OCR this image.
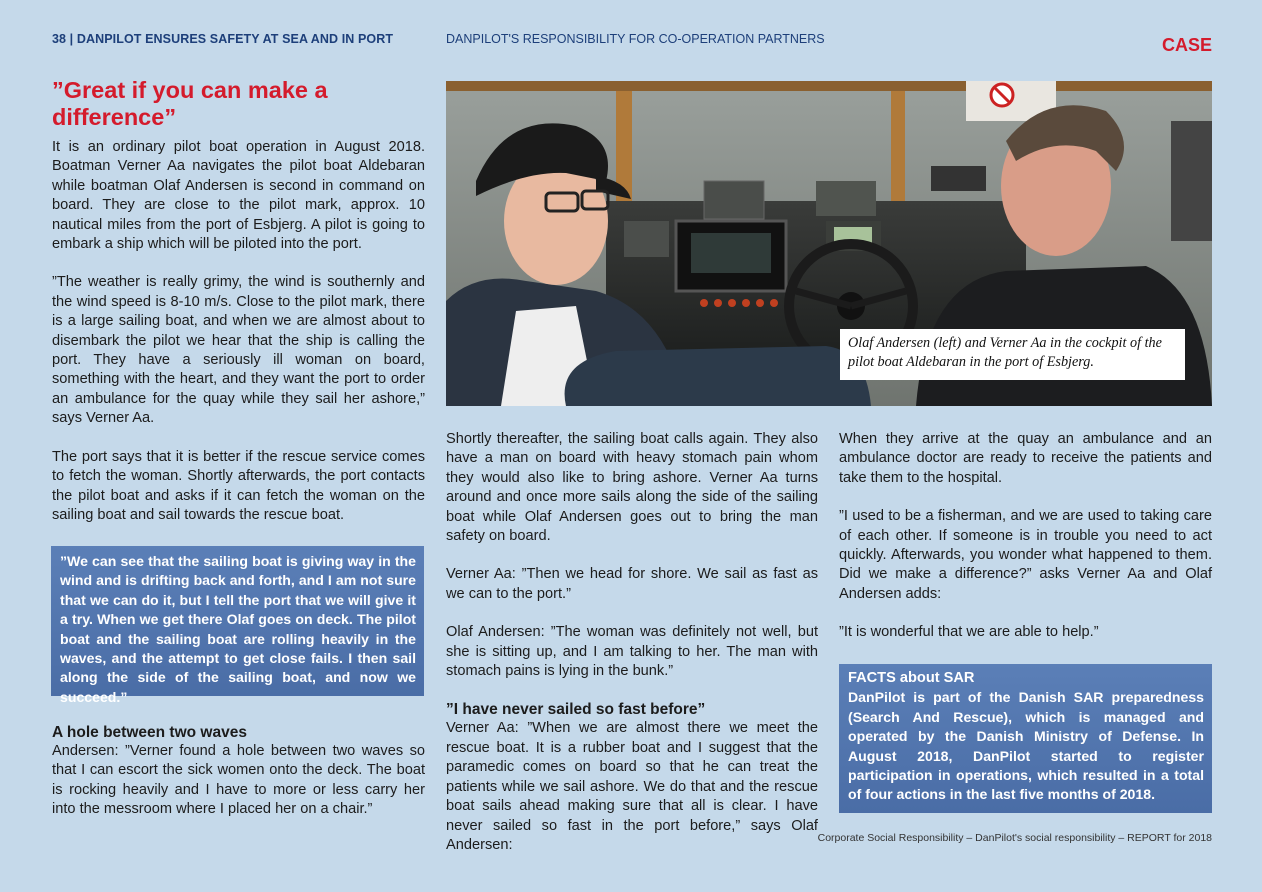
38 | DANPILOT ENSURES SAFETY AT SEA AND IN PORT	DANPILOT'S RESPONSIBILITY FOR CO-OPERATION PARTNERS	CASE
”Great if you can make a difference”

It is an ordinary pilot boat operation in August 2018. Boatman Verner Aa navigates the pilot boat Aldebaran while boatman Olaf Andersen is second in command on board. They are close to the pilot mark, approx. 10 nautical miles from the port of Esbjerg. A pilot is going to embark a ship which will be piloted into the port.

”The weather is really grimy, the wind is southernly and the wind speed is 8-10 m/s. Close to the pilot mark, there is a large sailing boat, and when we are almost about to disembark the pilot we hear that the ship is calling the port. They have a seriously ill woman on board, something with the heart, and they want the port to order an ambulance for the quay while they sail her ashore,” says Verner Aa.

The port says that it is better if the rescue service comes to fetch the woman. Shortly afterwards, the port contacts the pilot boat and asks if it can fetch the woman on the sailing boat and sail towards the rescue boat.

”We can see that the sailing boat is giving way in the wind and is drifting back and forth, and I am not sure that we can do it, but I tell the port that we will give it a try. When we get there Olaf goes on deck. The pilot boat and the sailing boat are rolling heavily in the waves, and the attempt to get close fails. I then sail along the side of the sailing boat, and now we succeed.”
A hole between two waves

Andersen: ”Verner found a hole between two waves so that I can escort the sick women onto the deck. The boat is rocking heavily and I have to more or less carry her into the messroom where I placed her on a chair.”

Olaf Andersen (left) and Verner Aa in the cockpit of the pilot boat Aldebaran in the port of Esbjerg.

Shortly thereafter, the sailing boat calls again. They also have a man on board with heavy stomach pain whom they would also like to bring ashore. Verner Aa turns around and once more sails along the side of the sailing boat while Olaf Andersen goes out to bring the man safety on board.

Verner Aa: ”Then we head for shore. We sail as fast as we can to the port.”

Olaf Andersen: ”The woman was definitely not well, but she is sitting up, and I am talking to her. The man with stomach pains is lying in the bunk.”

”I have never sailed so fast before”

Verner Aa: ”When we are almost there we meet the rescue boat. It is a rubber boat and I suggest that the paramedic comes on board so that he can treat the patients while we sail ashore. We do that and the rescue boat sails ahead making sure that all is clear. I have never sailed so fast in the port before,” says Olaf Andersen:

When they arrive at the quay an ambulance and an ambulance doctor are ready to receive the patients and take them to the hospital.

”I used to be a fisherman, and we are used to taking care of each other. If someone is in trouble you need to act quickly. Afterwards, you wonder what happened to them. Did we make a difference?” asks Verner Aa and Olaf Andersen adds:

”It is wonderful that we are able to help.”

FACTS about SAR
DanPilot is part of the Danish SAR preparedness (Search And Rescue), which is managed and operated by the Danish Ministry of Defense. In August 2018, DanPilot started to register participation in operations, which resulted in a total of four actions in the last five months of 2018.
Corporate Social Responsibility – DanPilot's social responsibility – REPORT for 2018
